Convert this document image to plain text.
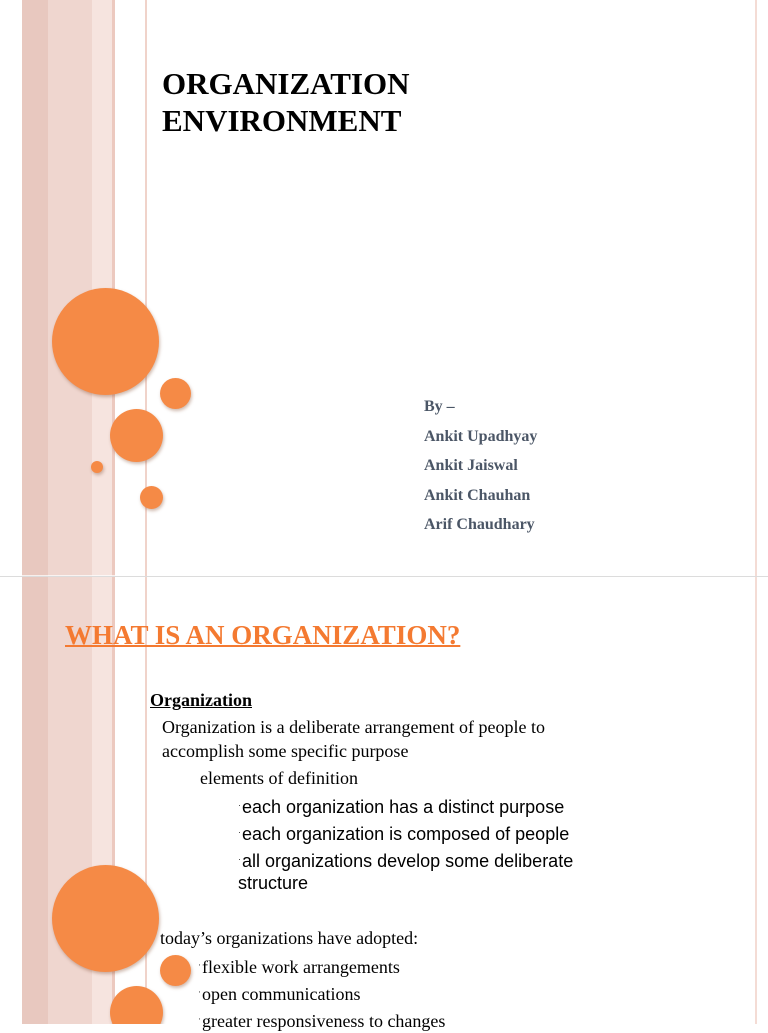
ORGANIZATION
ENVIRONMENT
By –
Ankit Upadhyay
Ankit Jaiswal
Ankit Chauhan
Arif Chaudhary
WHAT IS AN ORGANIZATION?

Organization

Organization is a deliberate arrangement of people to

accomplish some specific purpose

elements of definition

·each organization has a distinct purpose

·each organization is composed of people

·all organizations develop some deliberate

structure

today’s organizations have adopted:

·flexible work arrangements

·open communications

·greater responsiveness to changes
